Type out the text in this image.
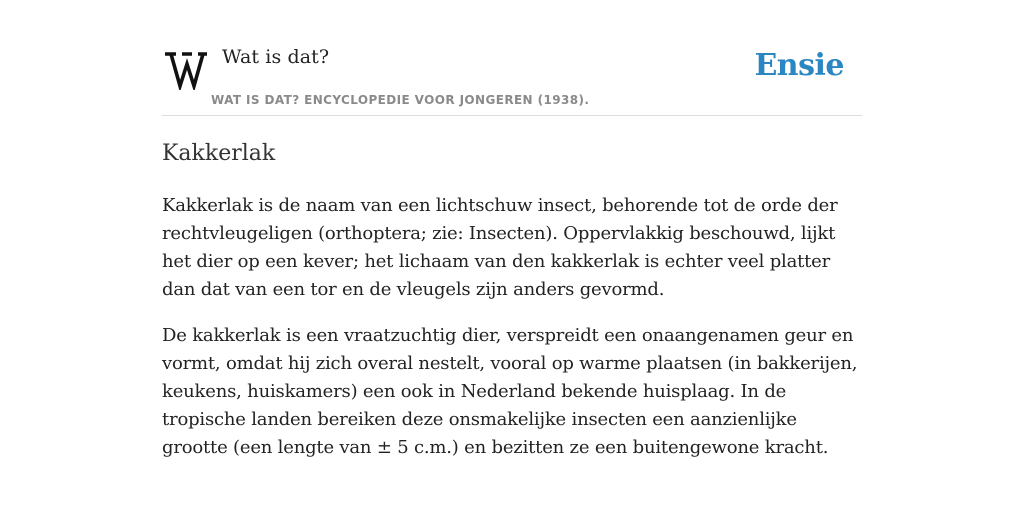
Wat is dat?
WAT IS DAT? ENCYCLOPEDIE VOOR JONGEREN (1938).
Ensie
Kakkerlak

Kakkerlak is de naam van een lichtschuw insect, behorende tot de orde der rechtvleugeligen (orthoptera; zie: Insecten). Oppervlakkig beschouwd, lijkt het dier op een kever; het lichaam van den kakkerlak is echter veel platter dan dat van een tor en de vleugels zijn anders gevormd.

De kakkerlak is een vraatzuchtig dier, verspreidt een onaangenamen geur en vormt, omdat hij zich overal nestelt, vooral op warme plaatsen (in bakkerijen, keukens, huiskamers) een ook in Nederland bekende huisplaag. In de tropische landen bereiken deze onsmakelijke insecten een aanzienlijke grootte (een lengte van ± 5 c.m.) en bezitten ze een buitengewone kracht.
